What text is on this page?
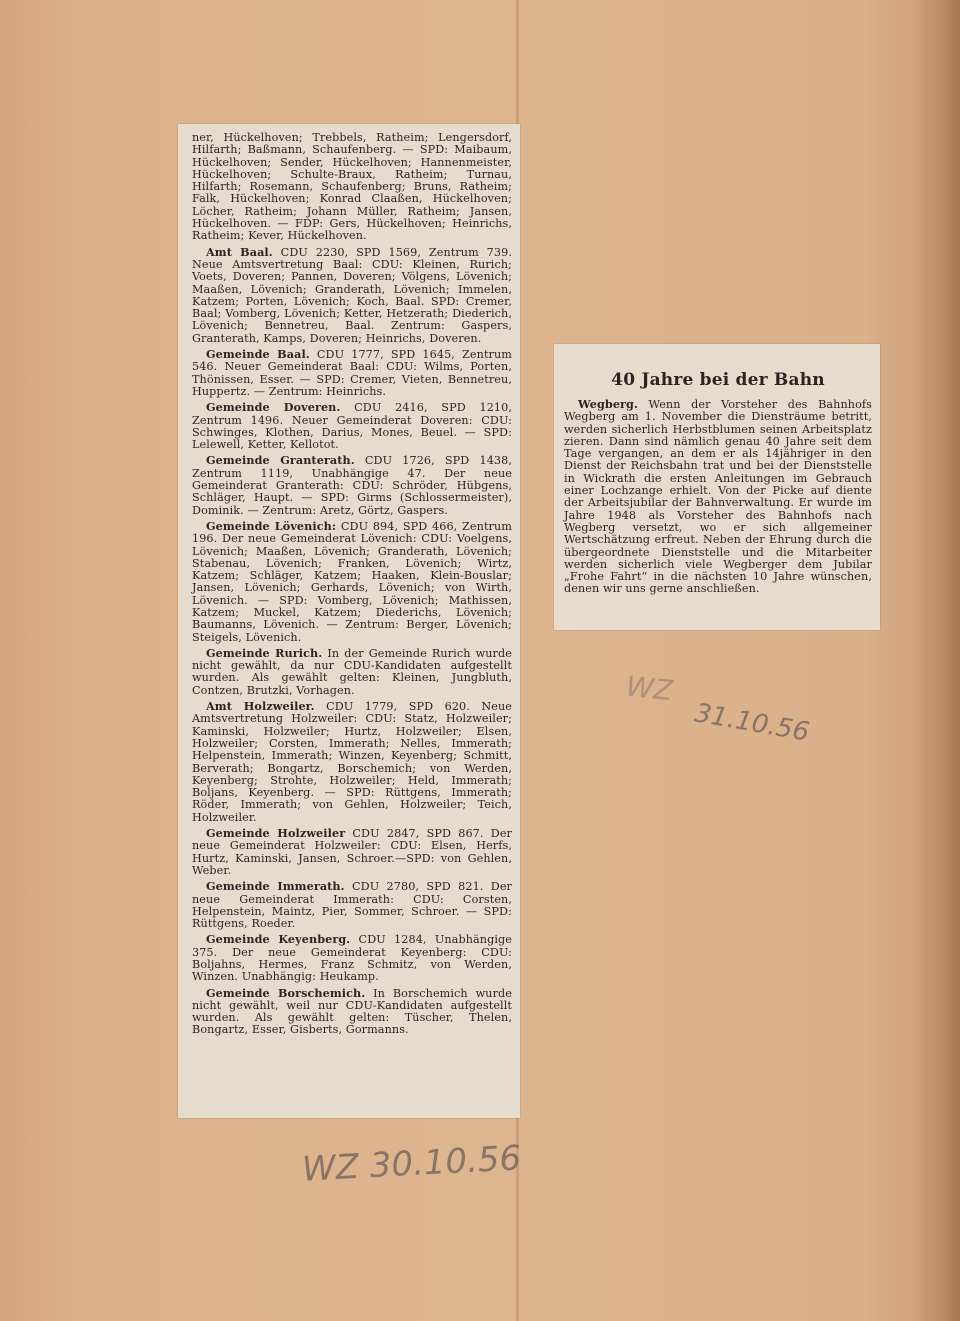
ner, Hückelhoven; Trebbels, Ratheim; Lengersdorf, Hilfarth; Baßmann, Schaufenberg. — SPD: Maibaum, Hückelhoven; Sender, Hückelhoven; Hannenmeister, Hückelhoven; Schulte-Braux, Ratheim; Turnau, Hilfarth; Rosemann, Schaufenberg; Bruns, Ratheim; Falk, Hückelhoven; Konrad Claaßen, Hückelhoven; Löcher, Ratheim; Johann Müller, Ratheim; Jansen, Hückelhoven. — FDP: Gers, Hückelhoven; Heinrichs, Ratheim; Kever, Hückelhoven.

Amt Baal. CDU 2230, SPD 1569, Zentrum 739. Neue Amtsvertretung Baal: CDU: Kleinen, Rurich; Voets, Doveren; Pannen, Doveren; Völgens, Lövenich; Maaßen, Lövenich; Granderath, Lövenich; Immelen, Katzem; Porten, Lövenich; Koch, Baal. SPD: Cremer, Baal; Vomberg, Lövenich; Ketter, Hetzerath; Diederich, Lövenich; Bennetreu, Baal. Zentrum: Gaspers, Granterath, Kamps, Doveren; Heinrichs, Doveren.

Gemeinde Baal. CDU 1777, SPD 1645, Zentrum 546. Neuer Gemeinderat Baal: CDU: Wilms, Porten, Thönissen, Esser. — SPD: Cremer, Vieten, Bennetreu, Huppertz. — Zentrum: Heinrichs.

Gemeinde Doveren. CDU 2416, SPD 1210, Zentrum 1496. Neuer Gemeinderat Doveren: CDU: Schwinges, Klothen, Darius, Mones, Beuel. — SPD: Lelewell, Ketter, Kellotot.

Gemeinde Granterath. CDU 1726, SPD 1438, Zentrum 1119, Unabhängige 47. Der neue Gemeinderat Granterath: CDU: Schröder, Hübgens, Schläger, Haupt. — SPD: Girms (Schlossermeister), Dominik. — Zentrum: Aretz, Görtz, Gaspers.

Gemeinde Lövenich: CDU 894, SPD 466, Zentrum 196. Der neue Gemeinderat Lövenich: CDU: Voelgens, Lövenich; Maaßen, Lövenich; Granderath, Lövenich; Stabenau, Lövenich; Franken, Lövenich; Wirtz, Katzem; Schläger, Katzem; Haaken, Klein-Bouslar; Jansen, Lövenich; Gerhards, Lövenich; von Wirth, Lövenich. — SPD: Vomberg, Lövenich; Mathissen, Katzem; Muckel, Katzem; Diederichs, Lövenich; Baumanns, Lövenich. — Zentrum: Berger, Lövenich; Steigels, Lövenich.

Gemeinde Rurich. In der Gemeinde Rurich wurde nicht gewählt, da nur CDU-Kandidaten aufgestellt wurden. Als gewählt gelten: Kleinen, Jungbluth, Contzen, Brutzki, Vorhagen.

Amt Holzweiler. CDU 1779, SPD 620. Neue Amtsvertretung Holzweiler: CDU: Statz, Holzweiler; Kaminski, Holzweiler; Hurtz, Holzweiler; Elsen, Holzweiler; Corsten, Immerath; Nelles, Immerath; Helpenstein, Immerath; Winzen, Keyenberg; Schmitt, Berverath; Bongartz, Borschemich; von Werden, Keyenberg; Strohte, Holzweiler; Held, Immerath; Boljans, Keyenberg. — SPD: Rüttgens, Immerath; Röder, Immerath; von Gehlen, Holzweiler; Teich, Holzweiler.

Gemeinde Holzweiler CDU 2847, SPD 867. Der neue Gemeinderat Holzweiler: CDU: Elsen, Herfs, Hurtz, Kaminski, Jansen, Schroer.—SPD: von Gehlen, Weber.

Gemeinde Immerath. CDU 2780, SPD 821. Der neue Gemeinderat Immerath: CDU: Corsten, Helpenstein, Maintz, Pier, Sommer, Schroer. — SPD: Rüttgens, Roeder.

Gemeinde Keyenberg. CDU 1284, Unabhängige 375. Der neue Gemeinderat Keyenberg: CDU: Boljahns, Hermes, Franz Schmitz, von Werden, Winzen. Unabhängig: Heukamp.

Gemeinde Borschemich. In Borschemich wurde nicht gewählt, weil nur CDU-Kandidaten aufgestellt wurden. Als gewählt gelten: Tüscher, Thelen, Bongartz, Esser, Gisberts, Gormanns.

40 Jahre bei der Bahn

Wegberg. Wenn der Vorsteher des Bahnhofs Wegberg am 1. November die Diensträume betritt, werden sicherlich Herbstblumen seinen Arbeitsplatz zieren. Dann sind nämlich genau 40 Jahre seit dem Tage vergangen, an dem er als 14jähriger in den Dienst der Reichsbahn trat und bei der Dienststelle in Wickrath die ersten Anleitungen im Gebrauch einer Lochzange erhielt. Von der Picke auf diente der Arbeitsjubilar der Bahnverwaltung. Er wurde im Jahre 1948 als Vorsteher des Bahnhofs nach Wegberg versetzt, wo er sich allgemeiner Wertschätzung erfreut. Neben der Ehrung durch die übergeordnete Dienststelle und die Mitarbeiter werden sicherlich viele Wegberger dem Jubilar „Frohe Fahrt“ in die nächsten 10 Jahre wünschen, denen wir uns gerne anschließen.

WZ
31.10.56
WZ 30.10.56
